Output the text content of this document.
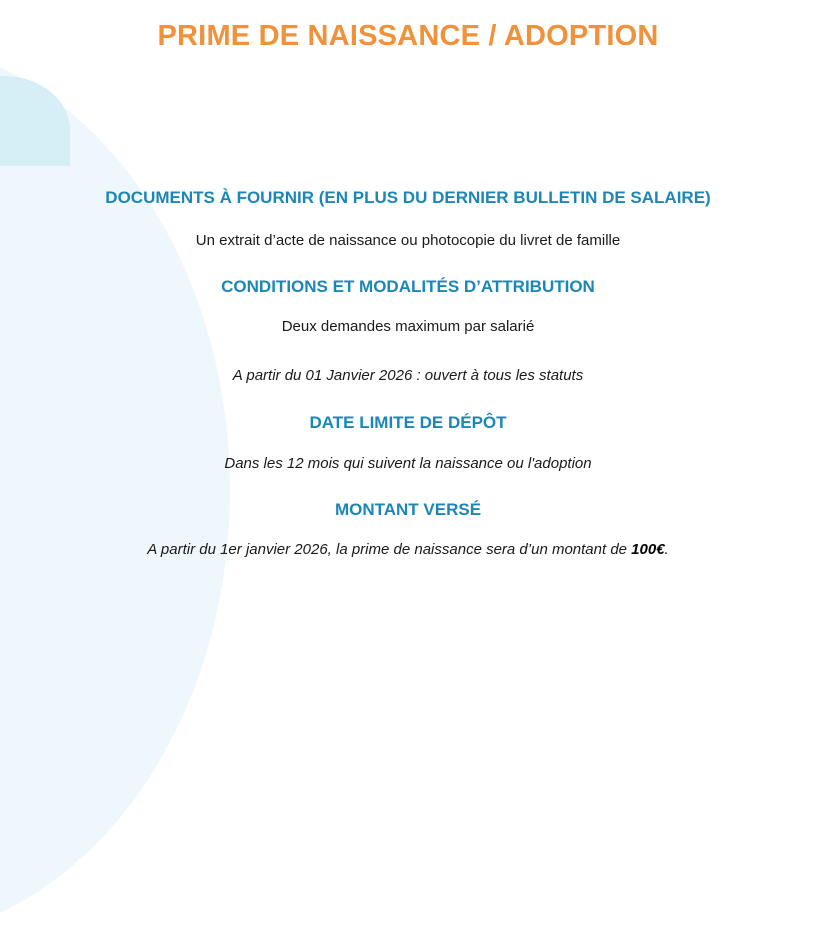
PRIME DE NAISSANCE / ADOPTION
DOCUMENTS À FOURNIR (EN PLUS DU DERNIER BULLETIN DE SALAIRE)
Un extrait d’acte de naissance ou photocopie du livret de famille
CONDITIONS ET MODALITÉS D’ATTRIBUTION
Deux demandes maximum par salarié
A partir du 01 Janvier 2026 : ouvert à tous les statuts
DATE LIMITE DE DÉPÔT
Dans les 12 mois qui suivent la naissance ou l'adoption
MONTANT VERSÉ
A partir du 1er janvier 2026, la prime de naissance sera d’un montant de 100€.
